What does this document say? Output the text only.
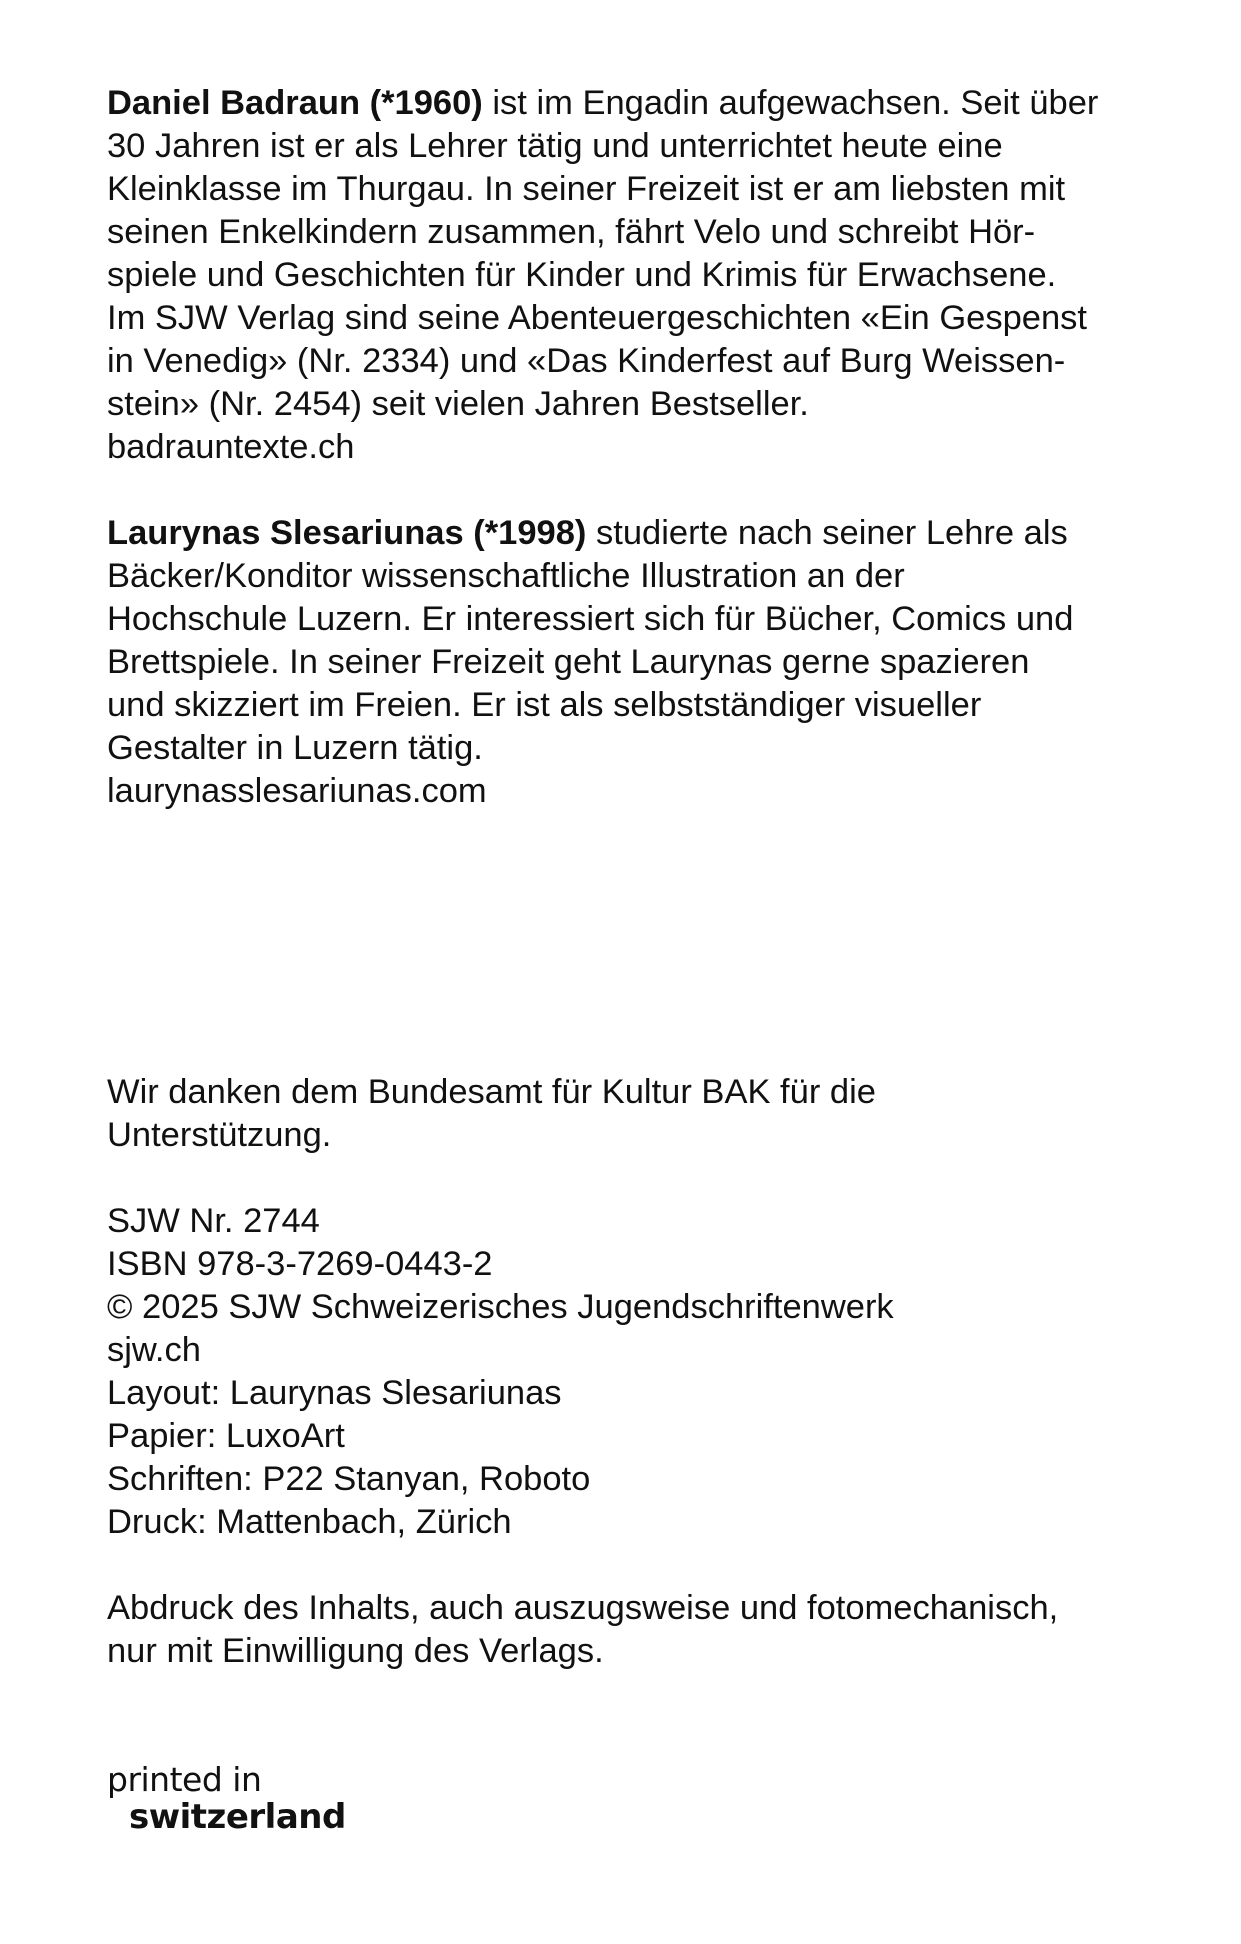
Daniel Badraun (*1960) ist im Engadin aufgewachsen. Seit über
30 Jahren ist er als Lehrer tätig und unterrichtet heute eine
Kleinklasse im Thurgau. In seiner Freizeit ist er am liebsten mit
seinen Enkelkindern zusammen, fährt Velo und schreibt Hör-
spiele und Geschichten für Kinder und Krimis für Erwachsene.
Im SJW Verlag sind seine Abenteuergeschichten «Ein Gespenst
in Venedig» (Nr. 2334) und «Das Kinderfest auf Burg Weissen-
stein» (Nr. 2454) seit vielen Jahren Bestseller.
badrauntexte.ch

Laurynas Slesariunas (*1998) studierte nach seiner Lehre als
Bäcker/Konditor wissenschaftliche Illustration an der
Hochschule Luzern. Er interessiert sich für Bücher, Comics und
Brettspiele. In seiner Freizeit geht Laurynas gerne spazieren
und skizziert im Freien. Er ist als selbstständiger visueller
Gestalter in Luzern tätig.
laurynasslesariunas.com

Wir danken dem Bundesamt für Kultur BAK für die
Unterstützung.

SJW Nr. 2744
ISBN 978-3-7269-0443-2
© 2025 SJW Schweizerisches Jugendschriftenwerk
sjw.ch
Layout: Laurynas Slesariunas
Papier: LuxoArt
Schriften: P22 Stanyan, Roboto
Druck: Mattenbach, Zürich

Abdruck des Inhalts, auch auszugsweise und fotomechanisch,
nur mit Einwilligung des Verlags.

printed in
switzerland
